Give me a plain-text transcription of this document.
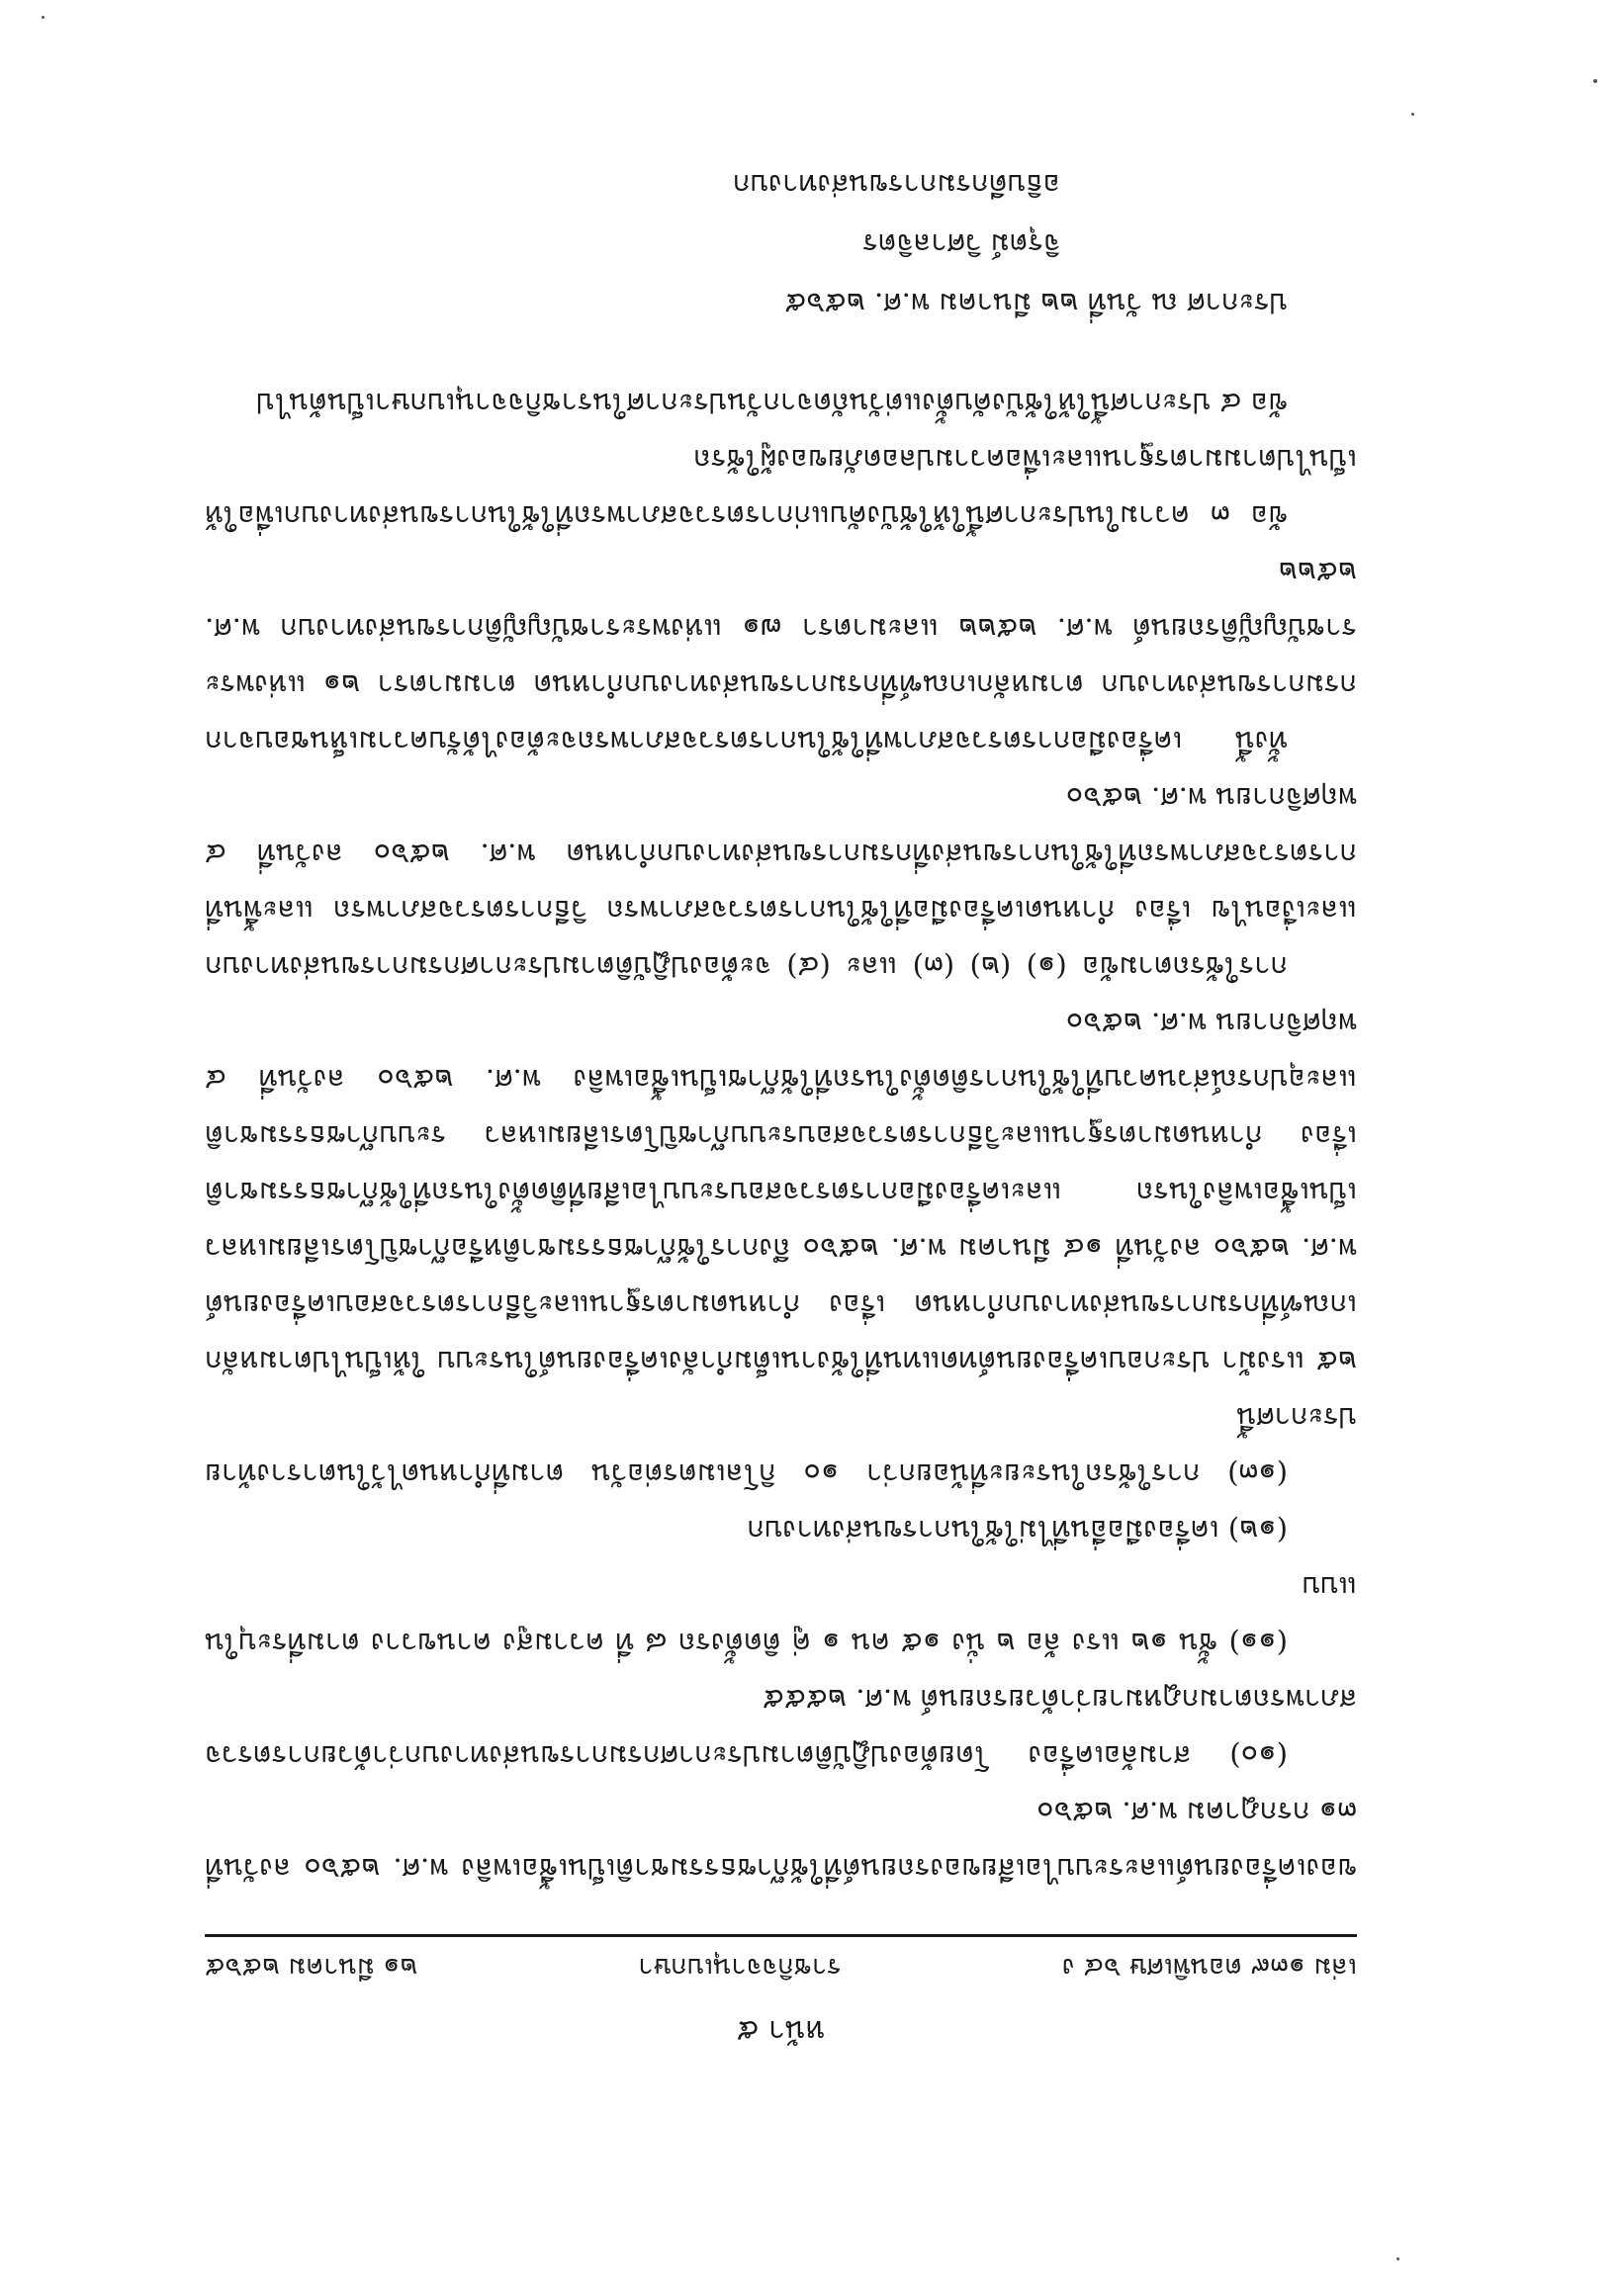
หน้า ๕
เล่ม ๑๓๙ ตอนพิเศษ ๖๔ ง
ราชกิจจานุเบกษา
๒๑ มีนาคม ๒๕๖๕

ของเครื่องยนต์และระบบไอเสียของรถยนต์ที่ใช้ก๊าซธรรมชาติเป็นเชื้อเพลิง พ.ศ. ๒๕๖๐ ลงวันที่ ๓๑ กรกฎาคม พ.ศ. ๒๕๖๐

(๑๐) สามล้อเครื่อง โดยต้องปฏิบัติตามประกาศกรมการขนส่งทางบกว่าด้วยการตรวจสภาพรถตามกฎหมายว่าด้วยรถยนต์ พ.ศ. ๒๕๕๕

(๑๑) ชั้น ๑๒ แรง ล้อ ๒ นั่ง ๑๕ คน ๑ คู่ ติดตั้งรถ ๘ ที่ ความสูง คานขวาง ตามที่ระบุในแบบ

(๑๒) เครื่องมืออื่นที่ไม่ใช้ในการขนส่งทางบก

(๑๓) การใช้รถในระยะที่น้อยกว่า ๑๐ กิโลเมตรต่อวัน ตามที่กำหนดไว้ในตารางท้ายประกาศนี้

๒๕ แรงม้า ประกอบเครื่องยนต์ทดแทนที่ใช้งานเต็มกำลังเครื่องยนต์ในระบบ ให้เป็นไปตามหลักเกณฑ์ที่กรมการขนส่งทางบกกำหนด เรื่อง กำหนดมาตรฐานและวิธีการตรวจสอบเครื่องยนต์ พ.ศ. ๒๕๖๐ ลงวันที่ ๑๔ มีนาคม พ.ศ. ๒๕๖๐ ถึงการใช้ก๊าซธรรมชาติหรือก๊าซปิโตรเลียมเหลวเป็นเชื้อเพลิงในรถ และเครื่องมือการตรวจสอบระบบไอเสียที่ติดตั้งในรถที่ใช้ก๊าซธรรมชาติ เรื่อง กำหนดมาตรฐานและวิธีการตรวจสอบระบบก๊าซปิโตรเลียมเหลว ระบบก๊าซธรรมชาติ และอุปกรณ์ส่วนควบที่ใช้ในการติดตั้งในรถที่ใช้ก๊าซเป็นเชื้อเพลิง พ.ศ. ๒๕๖๐ ลงวันที่ ๔ พฤศจิกายน พ.ศ. ๒๕๖๐

การใช้รถตามข้อ (๑) (๒) (๓) และ (๔) จะต้องปฏิบัติตามประกาศกรมการขนส่งทางบกและเงื่อนไข เรื่อง กำหนดเครื่องมือที่ใช้ในการตรวจสภาพรถ วิธีการตรวจสภาพรถ และพื้นที่การตรวจสภาพรถที่ใช้ในการขนส่งที่กรมการขนส่งทางบกกำหนด พ.ศ. ๒๕๖๐ ลงวันที่ ๔ พฤศจิกายน พ.ศ. ๒๕๖๐

ทั้งนี้ เครื่องมือการตรวจสภาพที่ใช้ในการตรวจสภาพรถจะต้องได้รับความเห็นชอบจากกรมการขนส่งทางบก ตามหลักเกณฑ์ที่กรมการขนส่งทางบกกำหนด ตามมาตรา ๒๑ แห่งพระราชบัญญัติรถยนต์ พ.ศ. ๒๕๒๒ และมาตรา ๗๑ แห่งพระราชบัญญัติการขนส่งทางบก พ.ศ. ๒๕๒๒

ข้อ ๓ ความในประกาศนี้ให้ใช้บังคับแก่การตรวจสภาพรถที่ใช้ในการขนส่งทางบกเพื่อให้เป็นไปตามมาตรฐานและเพื่อความปลอดภัยของผู้ใช้รถ

ข้อ ๔ ประกาศนี้ให้ใช้บังคับตั้งแต่วันถัดจากวันประกาศในราชกิจจานุเบกษาเป็นต้นไป

ประกาศ ณ วันที่ ๒๒ มีนาคม พ.ศ. ๒๕๖๕
จิรุตม์ วิศาลจิตร
อธิบดีกรมการขนส่งทางบก
